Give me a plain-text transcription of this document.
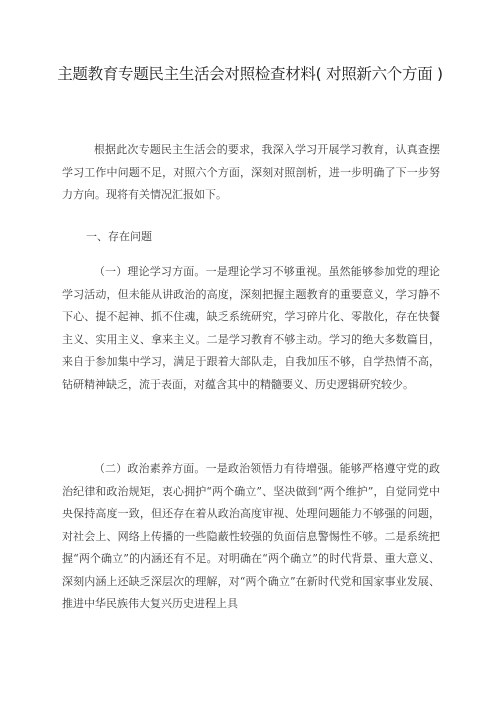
主题教育专题民主生活会对照检查材料( 对照新六个方面 )

根据此次专题民主生活会的要求，我深入学习开展学习教育，认真查摆学习工作中问题不足，对照六个方面，深刻对照剖析，进一步明确了下一步努力方向。现将有关情况汇报如下。

一、存在问题

（一）理论学习方面。一是理论学习不够重视。虽然能够参加党的理论学习活动，但未能从讲政治的高度，深刻把握主题教育的重要意义，学习静不下心、提不起神、抓不住魂，缺乏系统研究，学习碎片化、零散化，存在快餐主义、实用主义、拿来主义。二是学习教育不够主动。学习的绝大多数篇目，来自于参加集中学习，满足于跟着大部队走，自我加压不够，自学热情不高，钻研精神缺乏，流于表面，对蕴含其中的精髓要义、历史逻辑研究较少。

（二）政治素养方面。一是政治领悟力有待增强。能够严格遵守党的政治纪律和政治规矩，衷心拥护“两个确立”、坚决做到“两个维护”，自觉同党中央保持高度一致，但还存在着从政治高度审视、处理问题能力不够强的问题，对社会上、网络上传播的一些隐蔽性较强的负面信息警惕性不够。二是系统把握“两个确立”的内涵还有不足。对明确在“两个确立”的时代背景、重大意义、深刻内涵上还缺乏深层次的理解，对“两个确立”在新时代党和国家事业发展、推进中华民族伟大复兴历史进程上具
